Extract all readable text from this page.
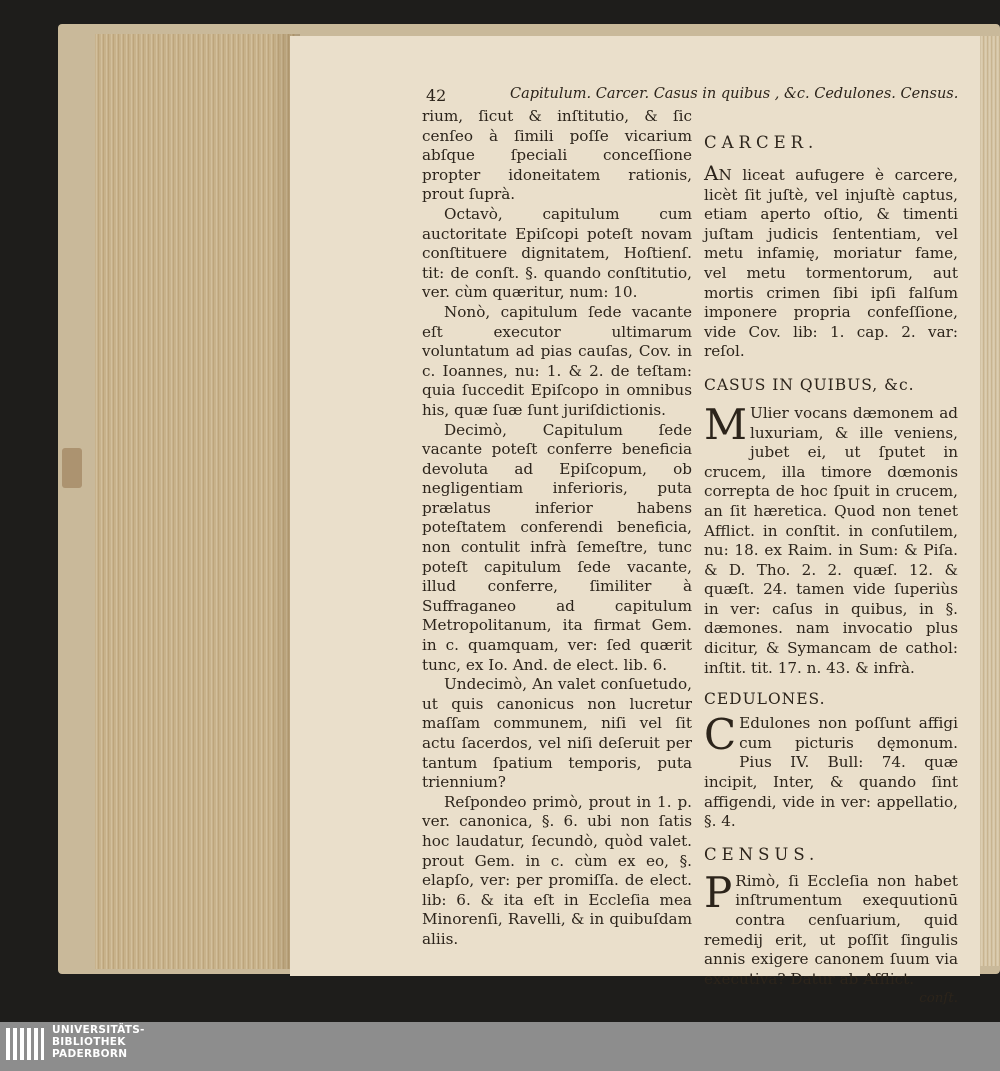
42	Capitulum. Carcer. Casus in quibus , &c. Cedulones. Census.

rium, ſicut & inſtitutio, & ſic cenſeo à ſimili poſſe vicarium abſque ſpeciali conceſſione propter idoneitatem rationis, prout ſuprà.

Octavò, capitulum cum auctoritate Epiſcopi poteſt novam conſtituere dignitatem, Hoſtienſ. tit: de conſt. §. quando conſtitutio, ver. cùm quæritur, num: 10.

Nonò, capitulum ſede vacante eſt executor ultimarum voluntatum ad pias cauſas, Cov. in c. Ioannes, nu: 1. & 2. de teſtam: quia ſuccedit Epiſcopo in omnibus his, quæ ſuæ ſunt juriſdictionis.

Decimò, Capitulum ſede vacante poteſt conferre beneficia devoluta ad Epiſcopum, ob negligentiam inferioris, puta prælatus inferior habens poteſtatem conferendi beneficia, non contulit infrà ſemeſtre, tunc poteſt capitulum ſede vacante, illud conferre, ſimiliter à Suffraganeo ad capitulum Metropolitanum, ita firmat Gem. in c. quamquam, ver: ſed quærit tunc, ex Io. And. de elect. lib. 6.

Undecimò, An valet conſuetudo, ut quis canonicus non lucretur maſſam communem, niſi vel ſit actu ſacerdos, vel niſi deſeruit per tantum ſpatium temporis, puta triennium?

Reſpondeo primò, prout in 1. p. ver. canonica, §. 6. ubi non ſatis hoc laudatur, ſecundò, quòd valet. prout Gem. in c. cùm ex eo, §. elapſo, ver: per promiſſa. de elect. lib: 6. & ita eſt in Eccleſia mea Minorenſi, Ravelli, & in quibuſdam aliis.

CARCER.

AN liceat aufugere è carcere, licèt ſit juſtè, vel injuſtè captus, etiam aperto oſtio, & timenti juſtam judicis ſententiam, vel metu infamię, moriatur fame, vel metu tormentorum, aut mortis crimen ſibi ipſi falſum imponere propria confeſſione, vide Cov. lib: 1. cap. 2. var: reſol.

CASUS IN QUIBUS, &c.

M Ulier vocans dæmonem ad luxuriam, & ille veniens, jubet ei, ut ſputet in crucem, illa timore dœmonis correpta de hoc ſpuit in crucem, an ſit hæretica. Quod non tenet Afflict. in conſtit. in conſutilem, nu: 18. ex Raim. in Sum: & Piſa. & D. Tho. 2. 2. quæſ. 12. & quæſt. 24. tamen vide ſuperiùs in ver: caſus in quibus, in §. dæmones. nam invocatio plus dicitur, & Symancam de cathol: inſtit. tit. 17. n. 43. & infrà.

CEDULONES.

C Edulones non poſſunt affigi cum picturis dęmonum. Pius IV. Bull: 74. quæ incipit, Inter, & quando ſint affigendi, vide in ver: appellatio, §. 4.

CENSUS.

P Rimò, ſi Eccleſia non habet inſtrumentum exequutionū contra cenſuarium, quid remedij erit, ut poſſit ſingulis annis exigere canonem ſuum via executiva? Datur ab Afflict.

conſt.

UNIVERSITÄTS-
BIBLIOTHEK
PADERBORN
